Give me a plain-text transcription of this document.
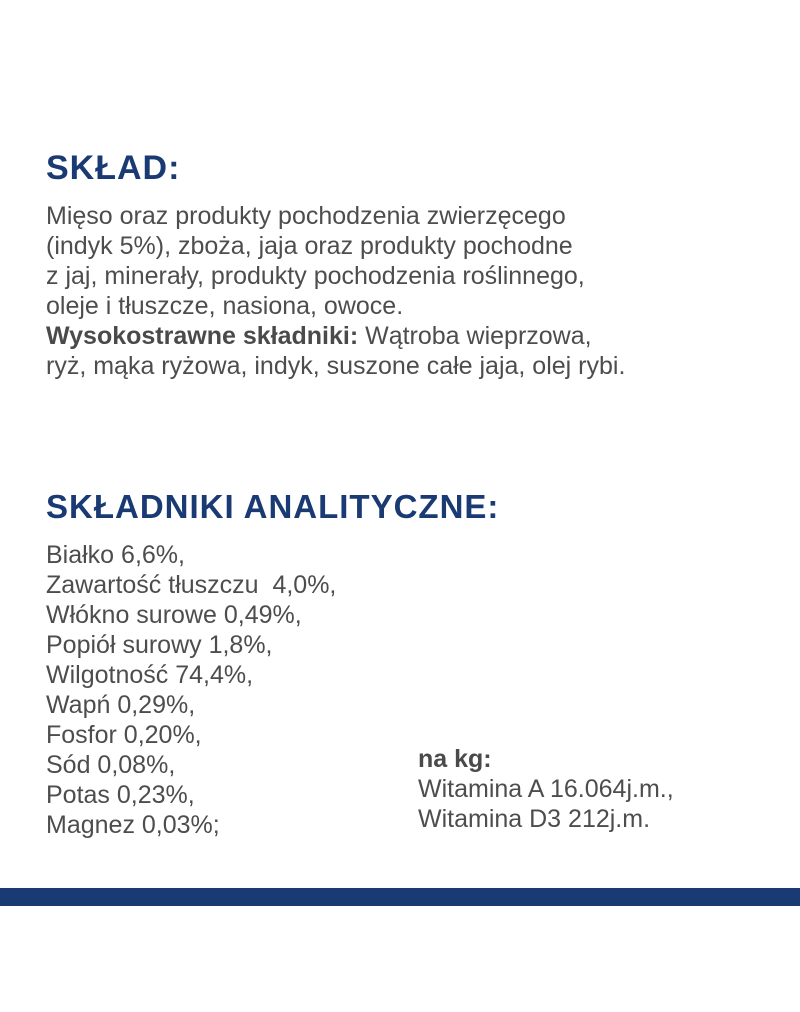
SKŁAD:

Mięso oraz produkty pochodzenia zwierzęcego
(indyk 5%), zboża, jaja oraz produkty pochodne
z jaj, minerały, produkty pochodzenia roślinnego,
oleje i tłuszcze, nasiona, owoce.
Wysokostrawne składniki: Wątroba wieprzowa,
ryż, mąka ryżowa, indyk, suszone całe jaja, olej rybi.

SKŁADNIKI ANALITYCZNE:
Białko 6,6%,
Zawartość tłuszczu  4,0%,
Włókno surowe 0,49%,
Popiół surowy 1,8%,
Wilgotność 74,4%,
Wapń 0,29%,
Fosfor 0,20%,
Sód 0,08%,
Potas 0,23%,
Magnez 0,03%;
na kg:
Witamina A 16.064j.m.,
Witamina D3 212j.m.
